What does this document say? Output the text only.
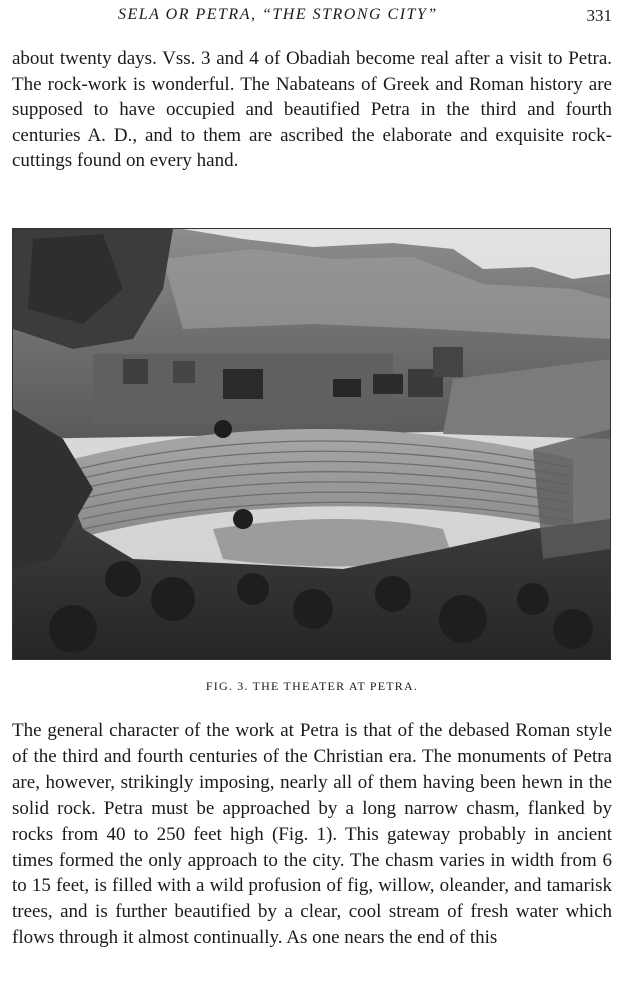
SELA OR PETRA, “THE STRONG CITY”	331

about twenty days. Vss. 3 and 4 of Obadiah become real after a visit to Petra. The rock-work is wonderful. The Nabateans of Greek and Roman history are supposed to have occupied and beautified Petra in the third and fourth centuries A. D., and to them are ascribed the elaborate and exquisite rock-cuttings found on every hand.

FIG. 3. THE THEATER AT PETRA.

The general character of the work at Petra is that of the debased Roman style of the third and fourth centuries of the Christian era. The monuments of Petra are, however, strikingly imposing, nearly all of them having been hewn in the solid rock. Petra must be approached by a long narrow chasm, flanked by rocks from 40 to 250 feet high (Fig. 1). This gateway probably in ancient times formed the only approach to the city. The chasm varies in width from 6 to 15 feet, is filled with a wild profusion of fig, willow, oleander, and tamarisk trees, and is further beautified by a clear, cool stream of fresh water which flows through it almost continually. As one nears the end of this
